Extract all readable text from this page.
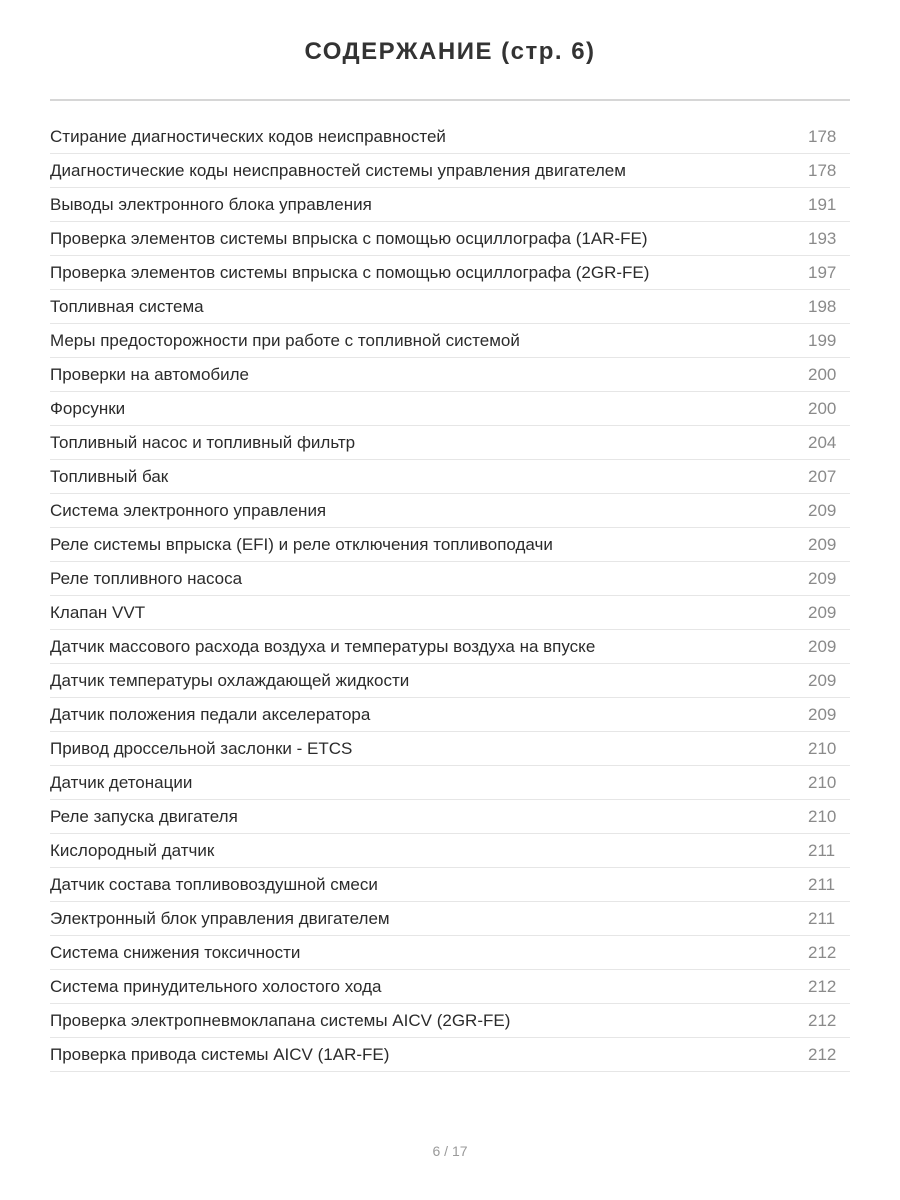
СОДЕРЖАНИЕ (стр. 6)
Стирание диагностических кодов неисправностей	178
Диагностические коды неисправностей системы управления двигателем	178
Выводы электронного блока управления	191
Проверка элементов системы впрыска с помощью осциллографа (1AR-FE)	193
Проверка элементов системы впрыска с помощью осциллографа (2GR-FE)	197
Топливная система	198
Меры предосторожности при работе с топливной системой	199
Проверки на автомобиле	200
Форсунки	200
Топливный насос и топливный фильтр	204
Топливный бак	207
Система электронного управления	209
Реле системы впрыска (EFI) и реле отключения топливоподачи	209
Реле топливного насоса	209
Клапан VVT	209
Датчик массового расхода воздуха и температуры воздуха на впуске	209
Датчик температуры охлаждающей жидкости	209
Датчик положения педали акселератора	209
Привод дроссельной заслонки - ETCS	210
Датчик детонации	210
Реле запуска двигателя	210
Кислородный датчик	211
Датчик состава топливовоздушной смеси	211
Электронный блок управления двигателем	211
Система снижения токсичности	212
Система принудительного холостого хода	212
Проверка электропневмоклапана системы AICV (2GR-FE)	212
Проверка привода системы AICV (1AR-FE)	212
6 / 17
